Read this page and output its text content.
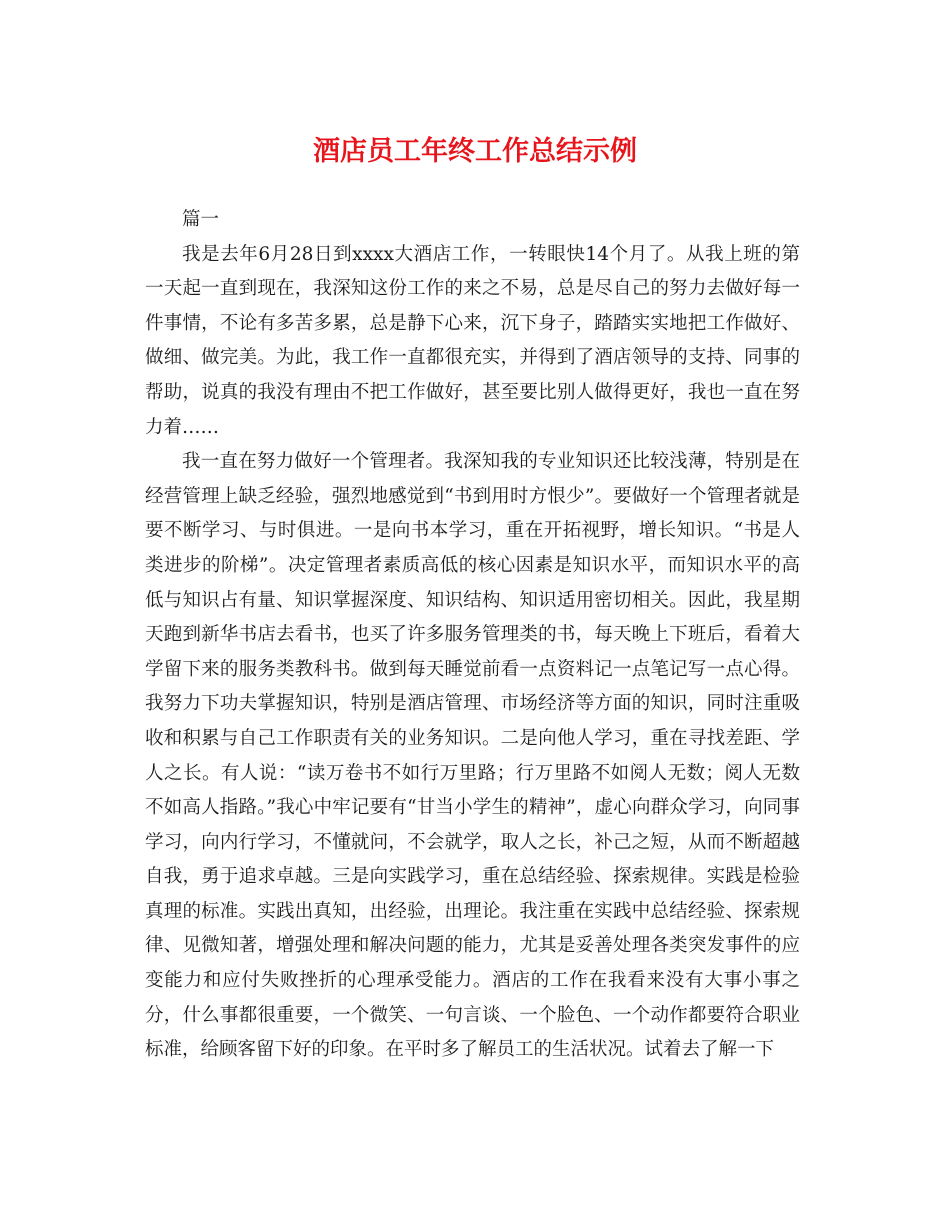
酒店员工年终工作总结示例

篇一

我是去年6月28日到xxxx大酒店工作，一转眼快14个月了。从我上班的第一天起一直到现在，我深知这份工作的来之不易，总是尽自己的努力去做好每一件事情，不论有多苦多累，总是静下心来，沉下身子，踏踏实实地把工作做好、做细、做完美。为此，我工作一直都很充实，并得到了酒店领导的支持、同事的帮助，说真的我没有理由不把工作做好，甚至要比别人做得更好，我也一直在努力着……

我一直在努力做好一个管理者。我深知我的专业知识还比较浅薄，特别是在经营管理上缺乏经验，强烈地感觉到“书到用时方恨少”。要做好一个管理者就是要不断学习、与时俱进。一是向书本学习，重在开拓视野，增长知识。“书是人类进步的阶梯”。决定管理者素质高低的核心因素是知识水平，而知识水平的高低与知识占有量、知识掌握深度、知识结构、知识适用密切相关。因此，我星期天跑到新华书店去看书，也买了许多服务管理类的书，每天晚上下班后，看着大学留下来的服务类教科书。做到每天睡觉前看一点资料记一点笔记写一点心得。我努力下功夫掌握知识，特别是酒店管理、市场经济等方面的知识，同时注重吸收和积累与自己工作职责有关的业务知识。二是向他人学习，重在寻找差距、学人之长。有人说：“读万卷书不如行万里路；行万里路不如阅人无数；阅人无数不如高人指路。”我心中牢记要有“甘当小学生的精神”，虚心向群众学习，向同事学习，向内行学习，不懂就问，不会就学，取人之长，补己之短，从而不断超越自我，勇于追求卓越。三是向实践学习，重在总结经验、探索规律。实践是检验真理的标准。实践出真知，出经验，出理论。我注重在实践中总结经验、探索规律、见微知著，增强处理和解决问题的能力，尤其是妥善处理各类突发事件的应变能力和应付失败挫折的心理承受能力。酒店的工作在我看来没有大事小事之分，什么事都很重要，一个微笑、一句言谈、一个脸色、一个动作都要符合职业标准，给顾客留下好的印象。在平时多了解员工的生活状况。试着去了解一下
